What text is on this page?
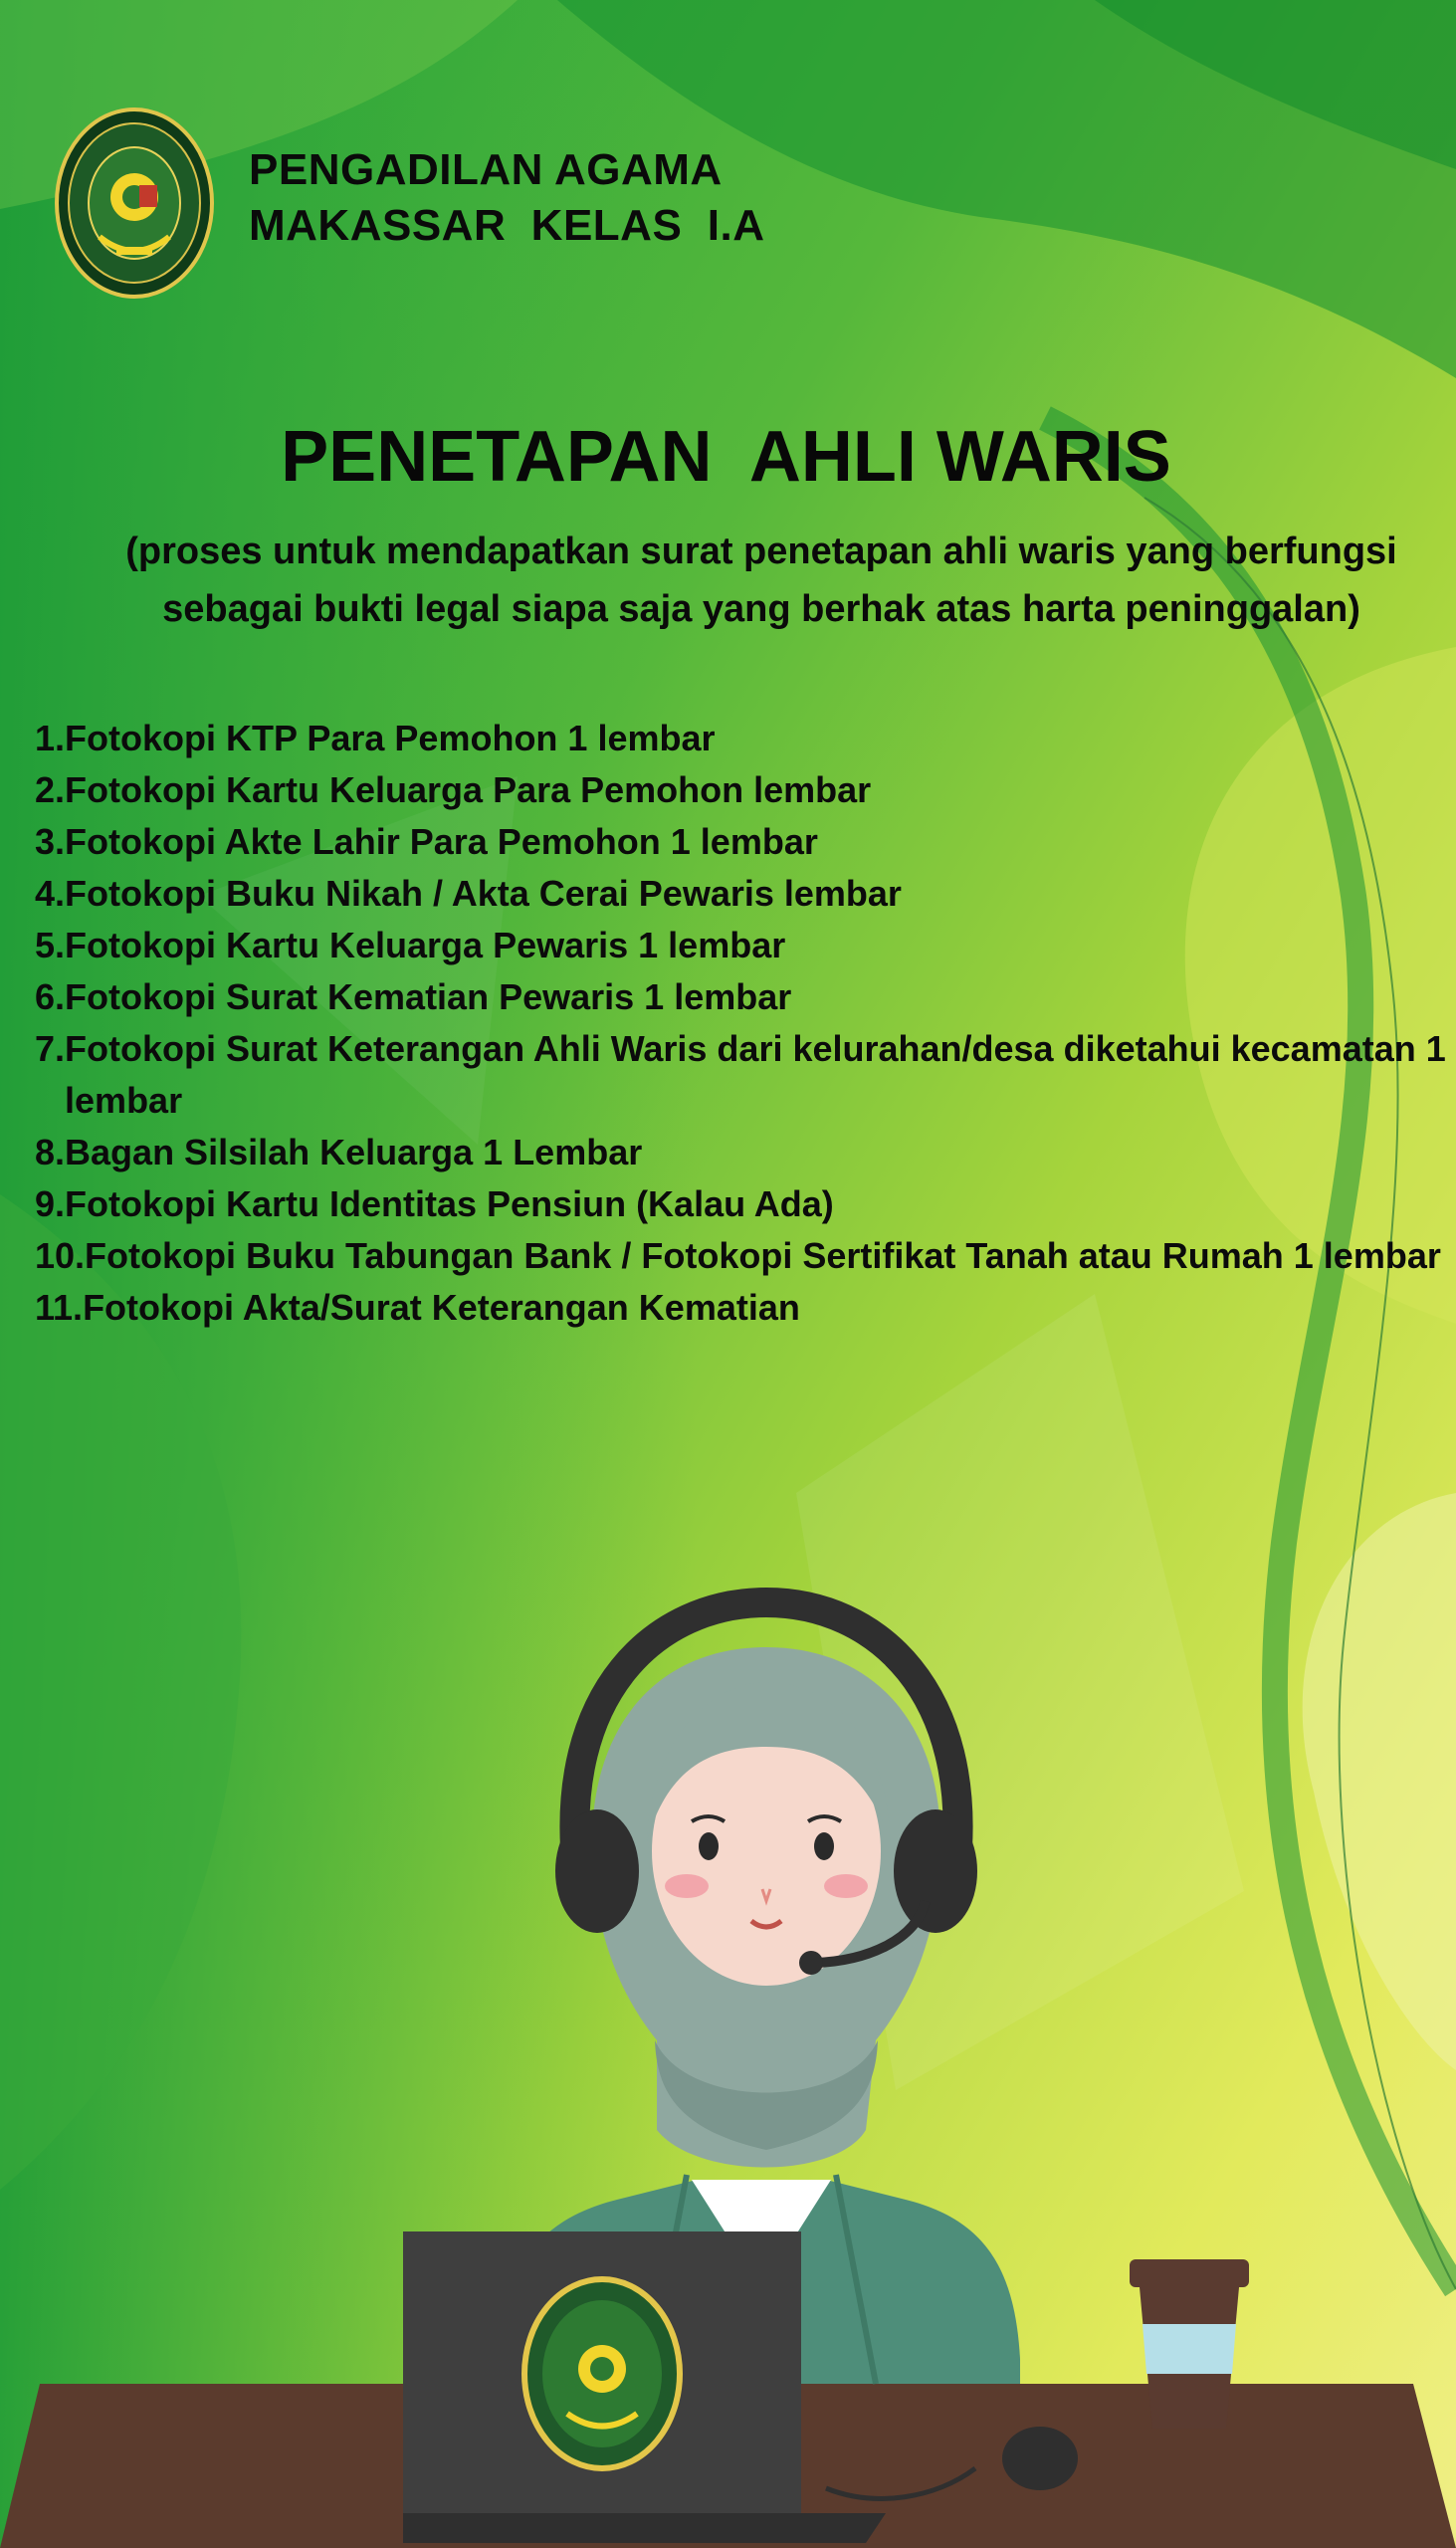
PENGADILAN AGAMA
MAKASSAR  KELAS  I.A
PENETAPAN  AHLI WARIS
(proses untuk mendapatkan surat penetapan ahli waris yang berfungsi
sebagai bukti legal siapa saja yang berhak atas harta peninggalan)
1. Fotokopi KTP Para Pemohon 1 lembar
2. Fotokopi Kartu Keluarga Para Pemohon lembar
3. Fotokopi Akte Lahir Para Pemohon 1 lembar
4. Fotokopi Buku Nikah / Akta Cerai Pewaris lembar
5. Fotokopi Kartu Keluarga Pewaris 1 lembar
6. Fotokopi Surat Kematian Pewaris 1 lembar
7. Fotokopi Surat Keterangan Ahli Waris dari kelurahan/desa diketahui kecamatan 1 lembar
8. Bagan Silsilah Keluarga 1 Lembar
9. Fotokopi Kartu Identitas Pensiun (Kalau Ada)
10. Fotokopi Buku Tabungan Bank / Fotokopi Sertifikat Tanah atau Rumah 1 lembar
11. Fotokopi Akta/Surat Keterangan Kematian
